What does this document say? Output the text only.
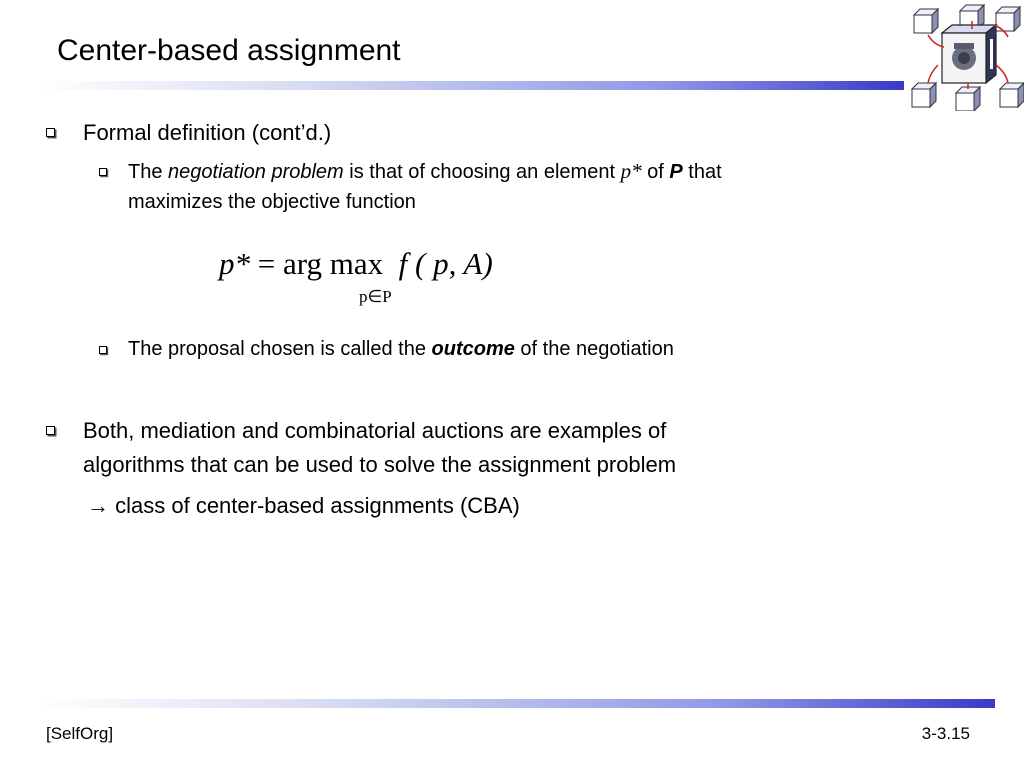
Center-based assignment
Formal definition (cont’d.)
The negotiation problem is that of choosing an element p* of P that
maximizes the objective function
p* = arg max f ( p, A)
p∈P
The proposal chosen is called the outcome of the negotiation
Both, mediation and combinatorial auctions are examples of
algorithms that can be used to solve the assignment problem
→ class of center-based assignments (CBA)
[SelfOrg]	3-3.15
